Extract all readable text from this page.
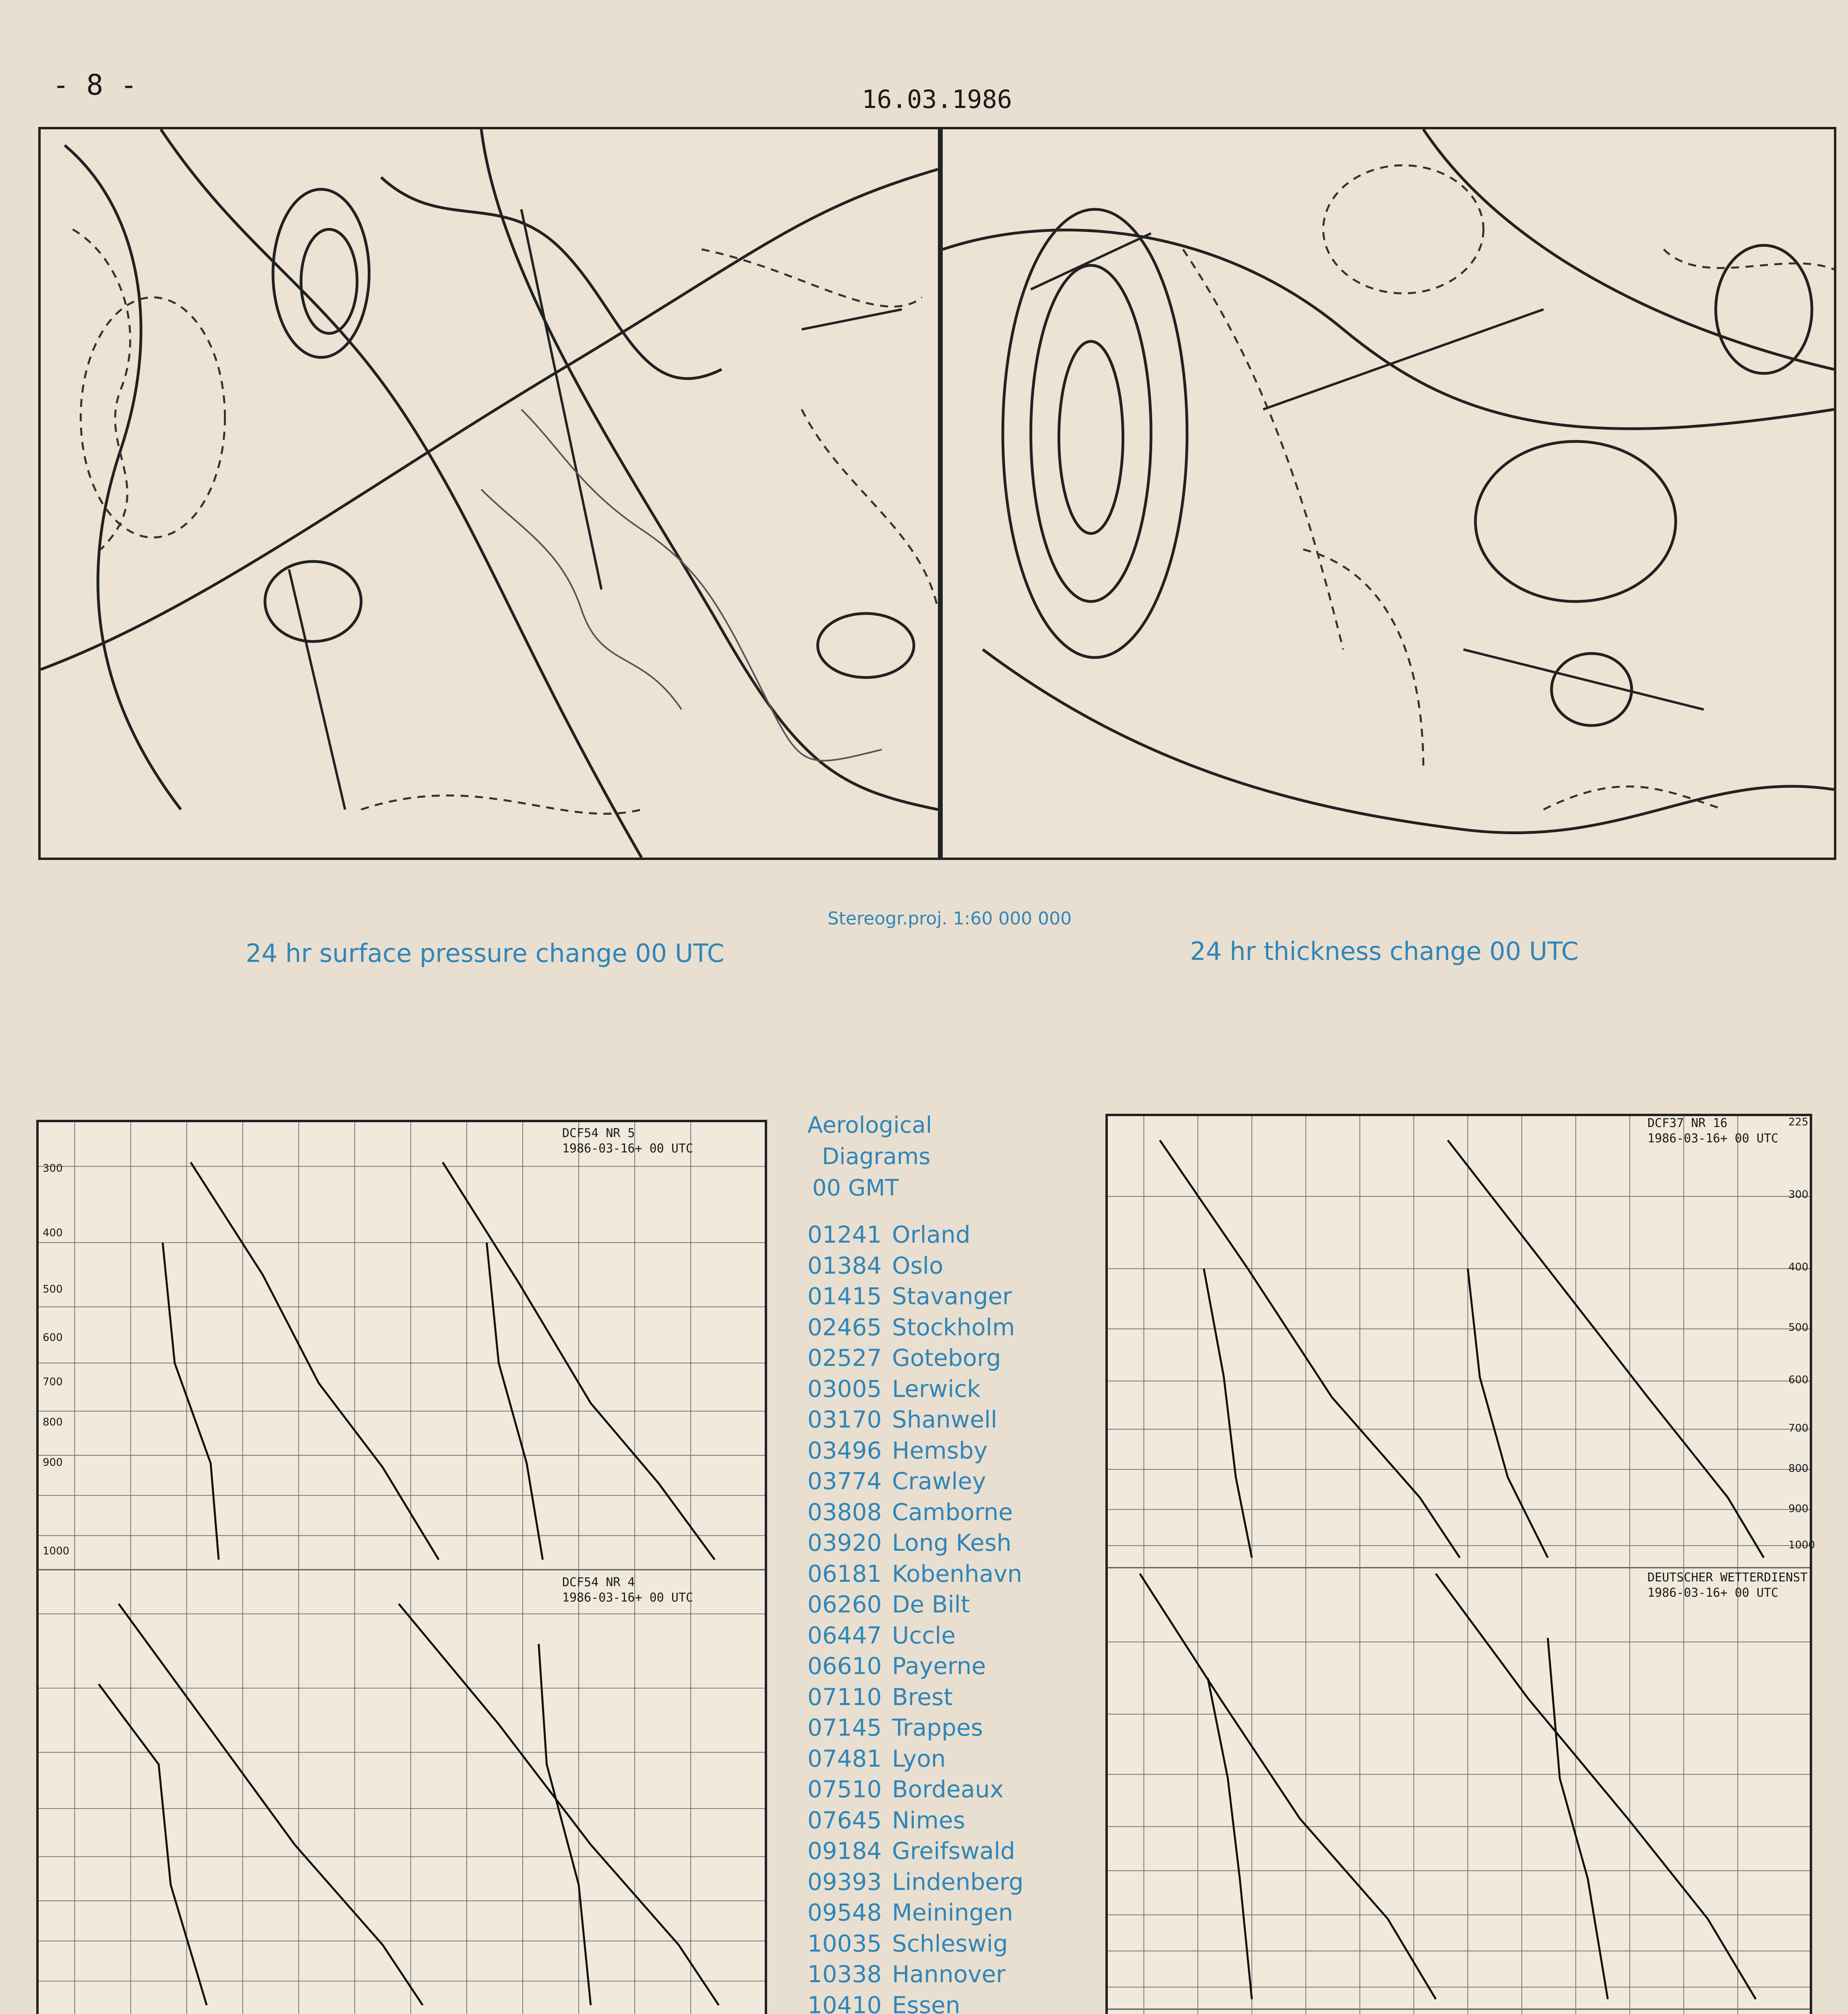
- 8 -	16.03.1986
24 hr surface pressure change 00 UTC
Stereogr.proj. 1:60 000 000
24 hr thickness change 00 UTC
DCF54 NR 5
1986-03-16+ 00 UTC
DCF54 NR 4
1986-03-16+ 00 UTC
300
400
500
600
700
800
900
1000
Aerological
Diagrams
00 GMT
01241 Orland
01384 Oslo
01415 Stavanger
02465 Stockholm
02527 Goteborg
03005 Lerwick
03170 Shanwell
03496 Hemsby
03774 Crawley
03808 Camborne
03920 Long Kesh
06181 Kobenhavn
06260 De Bilt
06447 Uccle
06610 Payerne
07110 Brest
07145 Trappes
07481 Lyon
07510 Bordeaux
07645 Nimes
09184 Greifswald
09393 Lindenberg
09548 Meiningen
10035 Schleswig
10338 Hannover
10410 Essen
DCF37 NR 16
1986-03-16+ 00 UTC
DEUTSCHER WETTERDIENST
1986-03-16+ 00 UTC
225
300
400
500
600
700
800
900
1000
